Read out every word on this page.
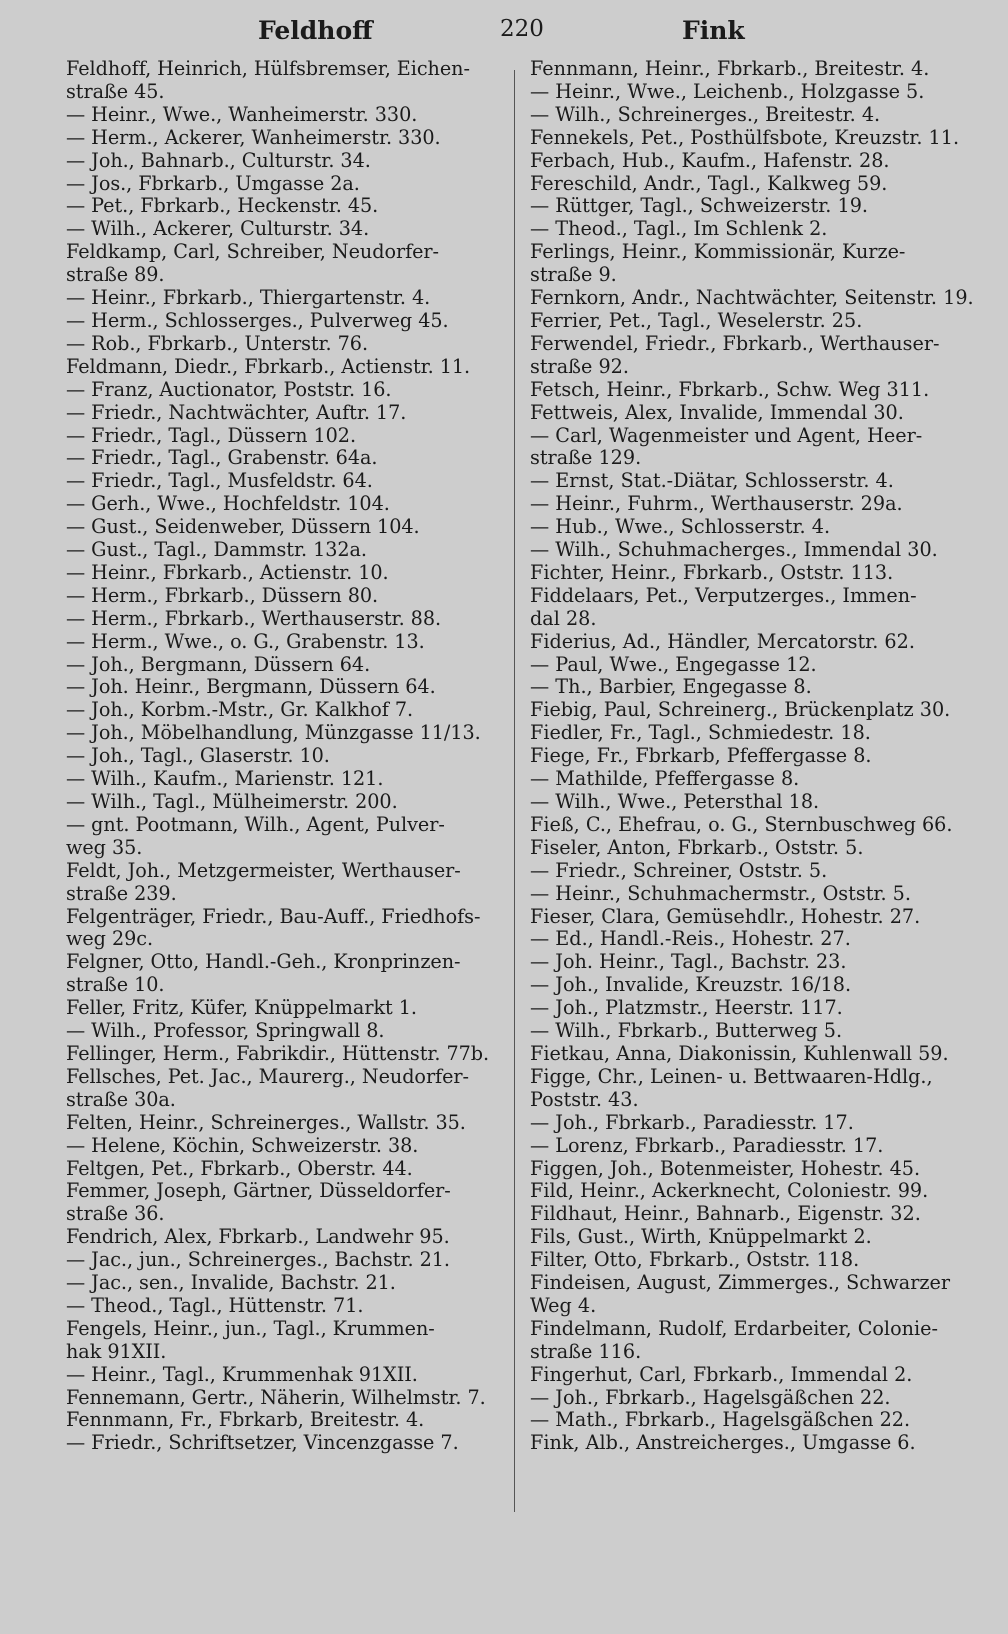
Feldhoff	220	Fink

Feldhoff, Heinrich, Hülfsbremser, Eichen-

straße 45.

— Heinr., Wwe., Wanheimerstr. 330.

— Herm., Ackerer, Wanheimerstr. 330.

— Joh., Bahnarb., Culturstr. 34.

— Jos., Fbrkarb., Umgasse 2a.

— Pet., Fbrkarb., Heckenstr. 45.

— Wilh., Ackerer, Culturstr. 34.

Feldkamp, Carl, Schreiber, Neudorfer-

straße 89.

— Heinr., Fbrkarb., Thiergartenstr. 4.

— Herm., Schlosserges., Pulverweg 45.

— Rob., Fbrkarb., Unterstr. 76.

Feldmann, Diedr., Fbrkarb., Actienstr. 11.

— Franz, Auctionator, Poststr. 16.

— Friedr., Nachtwächter, Auftr. 17.

— Friedr., Tagl., Düssern 102.

— Friedr., Tagl., Grabenstr. 64a.

— Friedr., Tagl., Musfeldstr. 64.

— Gerh., Wwe., Hochfeldstr. 104.

— Gust., Seidenweber, Düssern 104.

— Gust., Tagl., Dammstr. 132a.

— Heinr., Fbrkarb., Actienstr. 10.

— Herm., Fbrkarb., Düssern 80.

— Herm., Fbrkarb., Werthauserstr. 88.

— Herm., Wwe., o. G., Grabenstr. 13.

— Joh., Bergmann, Düssern 64.

— Joh. Heinr., Bergmann, Düssern 64.

— Joh., Korbm.-Mstr., Gr. Kalkhof 7.

— Joh., Möbelhandlung, Münzgasse 11/13.

— Joh., Tagl., Glaserstr. 10.

— Wilh., Kaufm., Marienstr. 121.

— Wilh., Tagl., Mülheimerstr. 200.

— gnt. Pootmann, Wilh., Agent, Pulver-

weg 35.

Feldt, Joh., Metzgermeister, Werthauser-

straße 239.

Felgenträger, Friedr., Bau-Auff., Friedhofs-

weg 29c.

Felgner, Otto, Handl.-Geh., Kronprinzen-

straße 10.

Feller, Fritz, Küfer, Knüppelmarkt 1.

— Wilh., Professor, Springwall 8.

Fellinger, Herm., Fabrikdir., Hüttenstr. 77b.

Fellsches, Pet. Jac., Maurerg., Neudorfer-

straße 30a.

Felten, Heinr., Schreinerges., Wallstr. 35.

— Helene, Köchin, Schweizerstr. 38.

Feltgen, Pet., Fbrkarb., Oberstr. 44.

Femmer, Joseph, Gärtner, Düsseldorfer-

straße 36.

Fendrich, Alex, Fbrkarb., Landwehr 95.

— Jac., jun., Schreinerges., Bachstr. 21.

— Jac., sen., Invalide, Bachstr. 21.

— Theod., Tagl., Hüttenstr. 71.

Fengels, Heinr., jun., Tagl., Krummen-

hak 91XII.

— Heinr., Tagl., Krummenhak 91XII.

Fennemann, Gertr., Näherin, Wilhelmstr. 7.

Fennmann, Fr., Fbrkarb, Breitestr. 4.

— Friedr., Schriftsetzer, Vincenzgasse 7.

Fennmann, Heinr., Fbrkarb., Breitestr. 4.

— Heinr., Wwe., Leichenb., Holzgasse 5.

— Wilh., Schreinerges., Breitestr. 4.

Fennekels, Pet., Posthülfsbote, Kreuzstr. 11.

Ferbach, Hub., Kaufm., Hafenstr. 28.

Fereschild, Andr., Tagl., Kalkweg 59.

— Rüttger, Tagl., Schweizerstr. 19.

— Theod., Tagl., Im Schlenk 2.

Ferlings, Heinr., Kommissionär, Kurze-

straße 9.

Fernkorn, Andr., Nachtwächter, Seitenstr. 19.

Ferrier, Pet., Tagl., Weselerstr. 25.

Ferwendel, Friedr., Fbrkarb., Werthauser-

straße 92.

Fetsch, Heinr., Fbrkarb., Schw. Weg 311.

Fettweis, Alex, Invalide, Immendal 30.

— Carl, Wagenmeister und Agent, Heer-

straße 129.

— Ernst, Stat.-Diätar, Schlosserstr. 4.

— Heinr., Fuhrm., Werthauserstr. 29a.

— Hub., Wwe., Schlosserstr. 4.

— Wilh., Schuhmacherges., Immendal 30.

Fichter, Heinr., Fbrkarb., Oststr. 113.

Fiddelaars, Pet., Verputzerges., Immen-

dal 28.

Fiderius, Ad., Händler, Mercatorstr. 62.

— Paul, Wwe., Engegasse 12.

— Th., Barbier, Engegasse 8.

Fiebig, Paul, Schreinerg., Brückenplatz 30.

Fiedler, Fr., Tagl., Schmiedestr. 18.

Fiege, Fr., Fbrkarb, Pfeffergasse 8.

— Mathilde, Pfeffergasse 8.

— Wilh., Wwe., Petersthal 18.

Fieß, C., Ehefrau, o. G., Sternbuschweg 66.

Fiseler, Anton, Fbrkarb., Oststr. 5.

— Friedr., Schreiner, Oststr. 5.

— Heinr., Schuhmachermstr., Oststr. 5.

Fieser, Clara, Gemüsehdlr., Hohestr. 27.

— Ed., Handl.-Reis., Hohestr. 27.

— Joh. Heinr., Tagl., Bachstr. 23.

— Joh., Invalide, Kreuzstr. 16/18.

— Joh., Platzmstr., Heerstr. 117.

— Wilh., Fbrkarb., Butterweg 5.

Fietkau, Anna, Diakonissin, Kuhlenwall 59.

Figge, Chr., Leinen- u. Bettwaaren-Hdlg.,

Poststr. 43.

— Joh., Fbrkarb., Paradiesstr. 17.

— Lorenz, Fbrkarb., Paradiesstr. 17.

Figgen, Joh., Botenmeister, Hohestr. 45.

Fild, Heinr., Ackerknecht, Coloniestr. 99.

Fildhaut, Heinr., Bahnarb., Eigenstr. 32.

Fils, Gust., Wirth, Knüppelmarkt 2.

Filter, Otto, Fbrkarb., Oststr. 118.

Findeisen, August, Zimmerges., Schwarzer

Weg 4.

Findelmann, Rudolf, Erdarbeiter, Colonie-

straße 116.

Fingerhut, Carl, Fbrkarb., Immendal 2.

— Joh., Fbrkarb., Hagelsgäßchen 22.

— Math., Fbrkarb., Hagelsgäßchen 22.

Fink, Alb., Anstreicherges., Umgasse 6.
